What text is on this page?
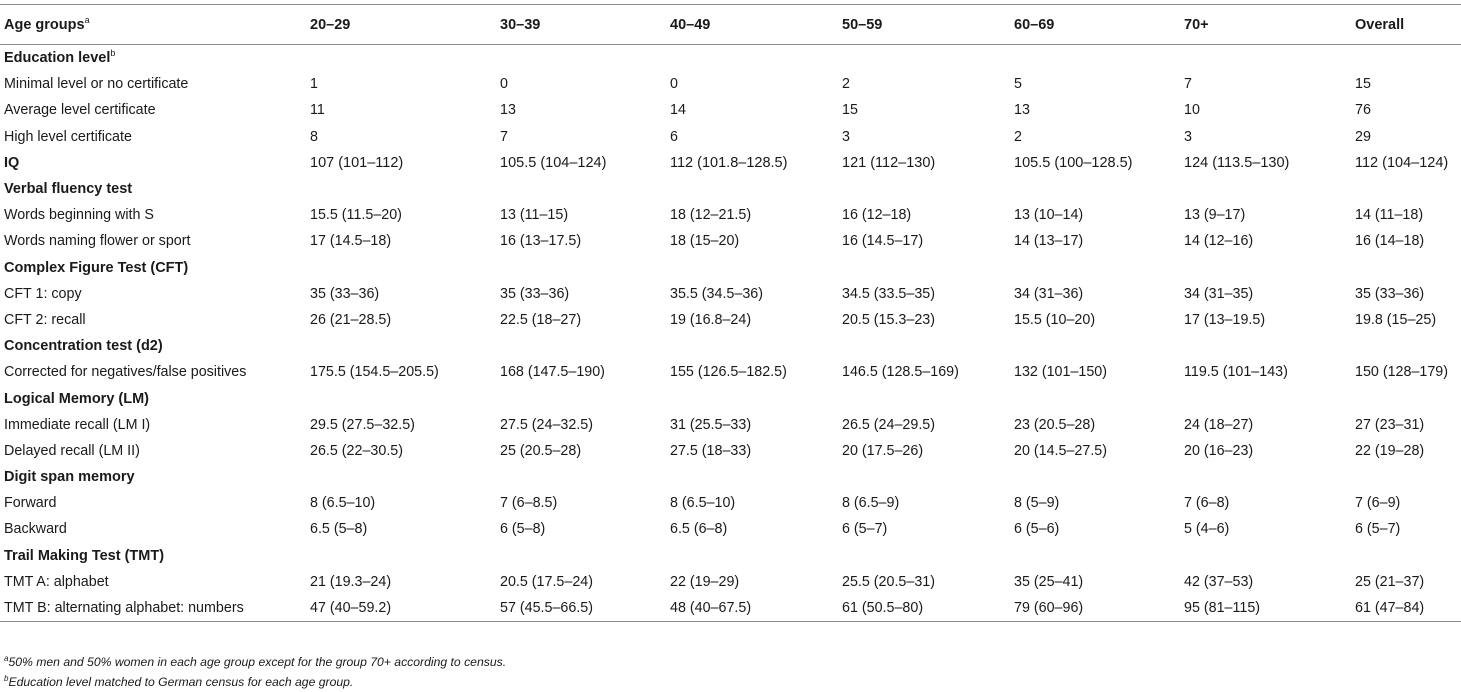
Age groups$^a$	20–29	30–39	40–49	50–59	60–69	70+	Overall
Education level$^b$							
Minimal level or no certificate	1	0	0	2	5	7	15
Average level certificate	11	13	14	15	13	10	76
High level certificate	8	7	6	3	2	3	29
IQ	107 (101–112)	105.5 (104–124)	112 (101.8–128.5)	121 (112–130)	105.5 (100–128.5)	124 (113.5–130)	112 (104–124)
Verbal fluency test							
Words beginning with S	15.5 (11.5–20)	13 (11–15)	18 (12–21.5)	16 (12–18)	13 (10–14)	13 (9–17)	14 (11–18)
Words naming flower or sport	17 (14.5–18)	16 (13–17.5)	18 (15–20)	16 (14.5–17)	14 (13–17)	14 (12–16)	16 (14–18)
Complex Figure Test (CFT)							
CFT 1: copy	35 (33–36)	35 (33–36)	35.5 (34.5–36)	34.5 (33.5–35)	34 (31–36)	34 (31–35)	35 (33–36)
CFT 2: recall	26 (21–28.5)	22.5 (18–27)	19 (16.8–24)	20.5 (15.3–23)	15.5 (10–20)	17 (13–19.5)	19.8 (15–25)
Concentration test (d2)							
Corrected for negatives/false positives	175.5 (154.5–205.5)	168 (147.5–190)	155 (126.5–182.5)	146.5 (128.5–169)	132 (101–150)	119.5 (101–143)	150 (128–179)
Logical Memory (LM)							
Immediate recall (LM I)	29.5 (27.5–32.5)	27.5 (24–32.5)	31 (25.5–33)	26.5 (24–29.5)	23 (20.5–28)	24 (18–27)	27 (23–31)
Delayed recall (LM II)	26.5 (22–30.5)	25 (20.5–28)	27.5 (18–33)	20 (17.5–26)	20 (14.5–27.5)	20 (16–23)	22 (19–28)
Digit span memory							
Forward	8 (6.5–10)	7 (6–8.5)	8 (6.5–10)	8 (6.5–9)	8 (5–9)	7 (6–8)	7 (6–9)
Backward	6.5 (5–8)	6 (5–8)	6.5 (6–8)	6 (5–7)	6 (5–6)	5 (4–6)	6 (5–7)
Trail Making Test (TMT)							
TMT A: alphabet	21 (19.3–24)	20.5 (17.5–24)	22 (19–29)	25.5 (20.5–31)	35 (25–41)	42 (37–53)	25 (21–37)
TMT B: alternating alphabet: numbers	47 (40–59.2)	57 (45.5–66.5)	48 (40–67.5)	61 (50.5–80)	79 (60–96)	95 (81–115)	61 (47–84)
$^a$50% men and 50% women in each age group except for the group 70+ according to census.
$^b$Education level matched to German census for each age group.
